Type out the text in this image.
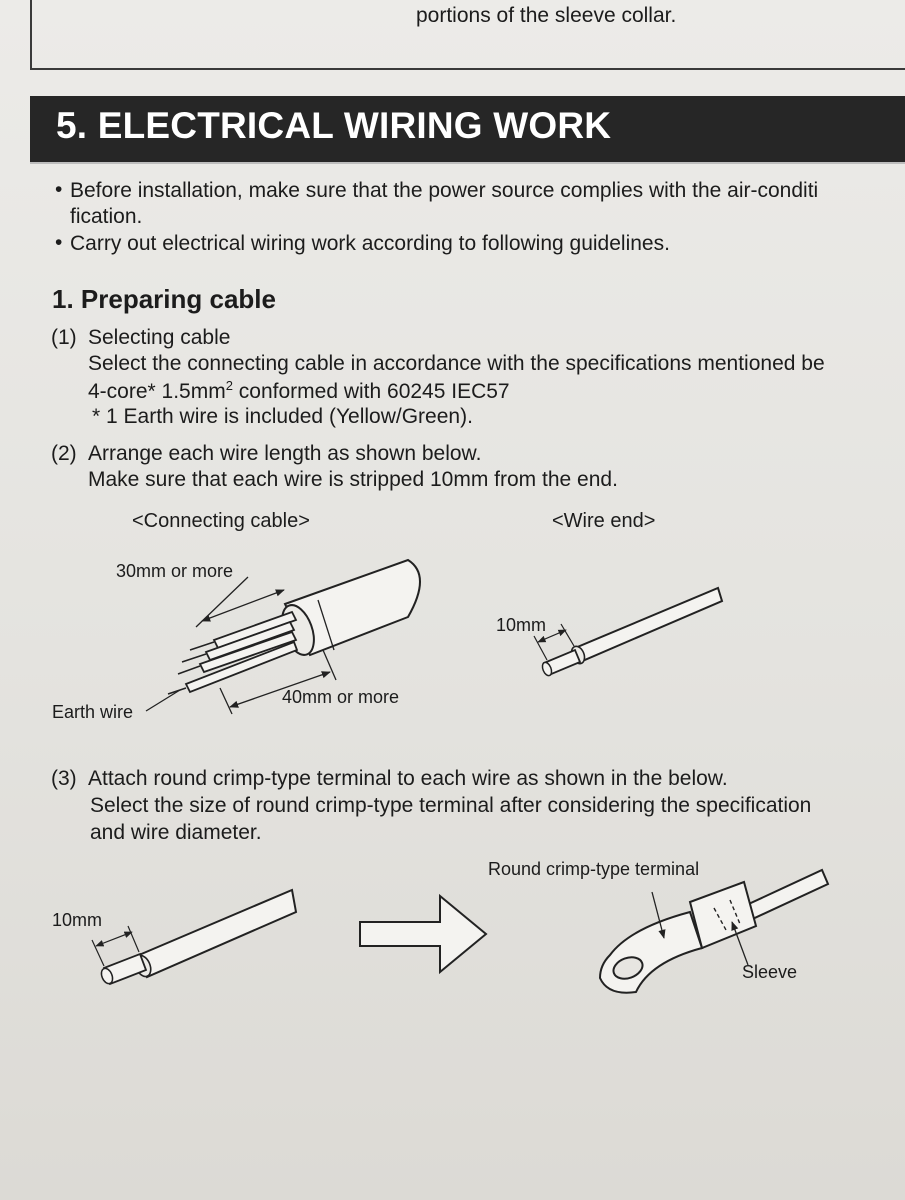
portions of the sleeve collar.
5. ELECTRICAL WIRING WORK
• Before installation, make sure that the power source complies with the air-conditi
fication.
• Carry out electrical wiring work according to following guidelines.
1. Preparing cable
(1) Selecting cable
Select the connecting cable in accordance with the specifications mentioned be
4-core* $1.5mm^2$ conformed with 60245 IEC57
* 1 Earth wire is included (Yellow/Green).
(2) Arrange each wire length as shown below.
Make sure that each wire is stripped 10mm from the end.
<Connecting cable>	<Wire end>
30mm or more
40mm or more
Earth wire
10mm
(3) Attach round crimp-type terminal to each wire as shown in the below.
Select the size of round crimp-type terminal after considering the specification
and wire diameter.
10mm
Round crimp-type terminal
Sleeve
